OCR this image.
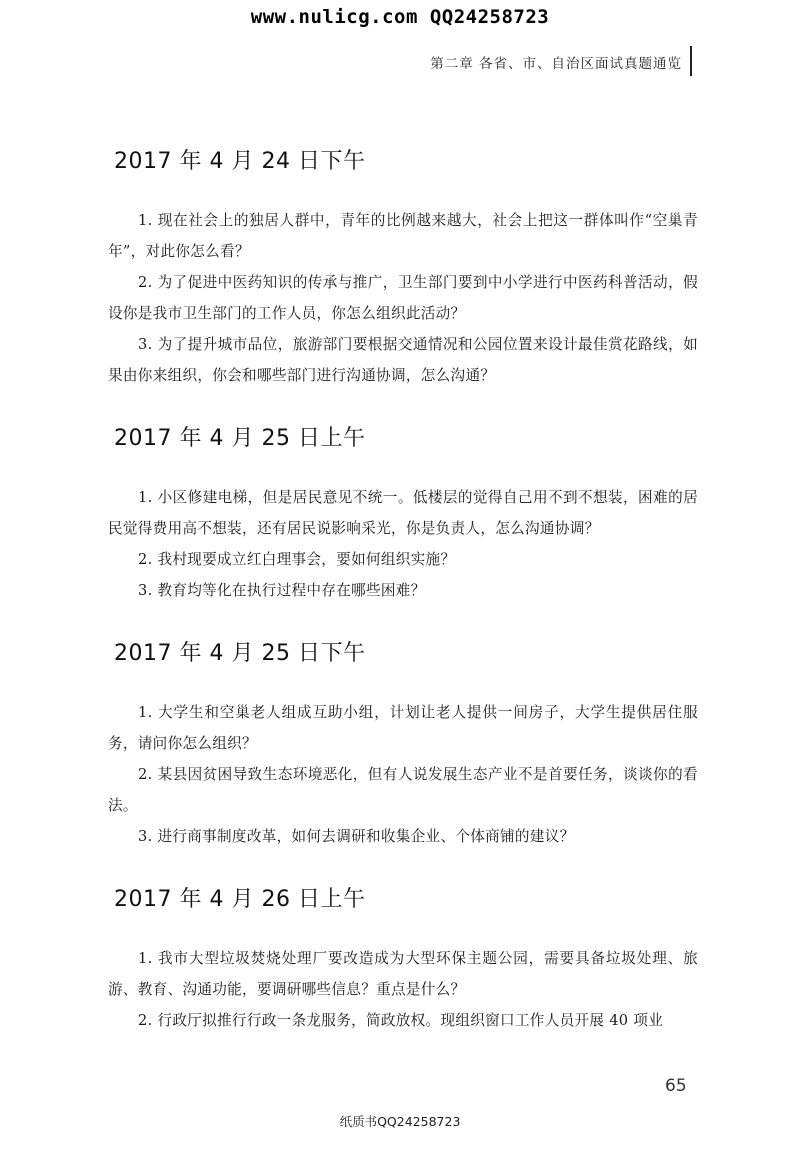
www.nulicg.com QQ24258723
第二章 各省、市、自治区面试真题通览
2017 年 4 月 24 日下午

1. 现在社会上的独居人群中，青年的比例越来越大，社会上把这一群体叫作“空巢青年”，对此你怎么看？

2. 为了促进中医药知识的传承与推广，卫生部门要到中小学进行中医药科普活动，假设你是我市卫生部门的工作人员，你怎么组织此活动？

3. 为了提升城市品位，旅游部门要根据交通情况和公园位置来设计最佳赏花路线，如果由你来组织，你会和哪些部门进行沟通协调，怎么沟通？

2017 年 4 月 25 日上午

1. 小区修建电梯，但是居民意见不统一。低楼层的觉得自己用不到不想装，困难的居民觉得费用高不想装，还有居民说影响采光，你是负责人，怎么沟通协调？

2. 我村现要成立红白理事会，要如何组织实施？

3. 教育均等化在执行过程中存在哪些困难？

2017 年 4 月 25 日下午

1. 大学生和空巢老人组成互助小组，计划让老人提供一间房子，大学生提供居住服务，请问你怎么组织？

2. 某县因贫困导致生态环境恶化，但有人说发展生态产业不是首要任务，谈谈你的看法。

3. 进行商事制度改革，如何去调研和收集企业、个体商铺的建议？

2017 年 4 月 26 日上午

1. 我市大型垃圾焚烧处理厂要改造成为大型环保主题公园，需要具备垃圾处理、旅游、教育、沟通功能，要调研哪些信息？重点是什么？

2. 行政厅拟推行行政一条龙服务，简政放权。现组织窗口工作人员开展 40 项业

65
纸质书QQ24258723
